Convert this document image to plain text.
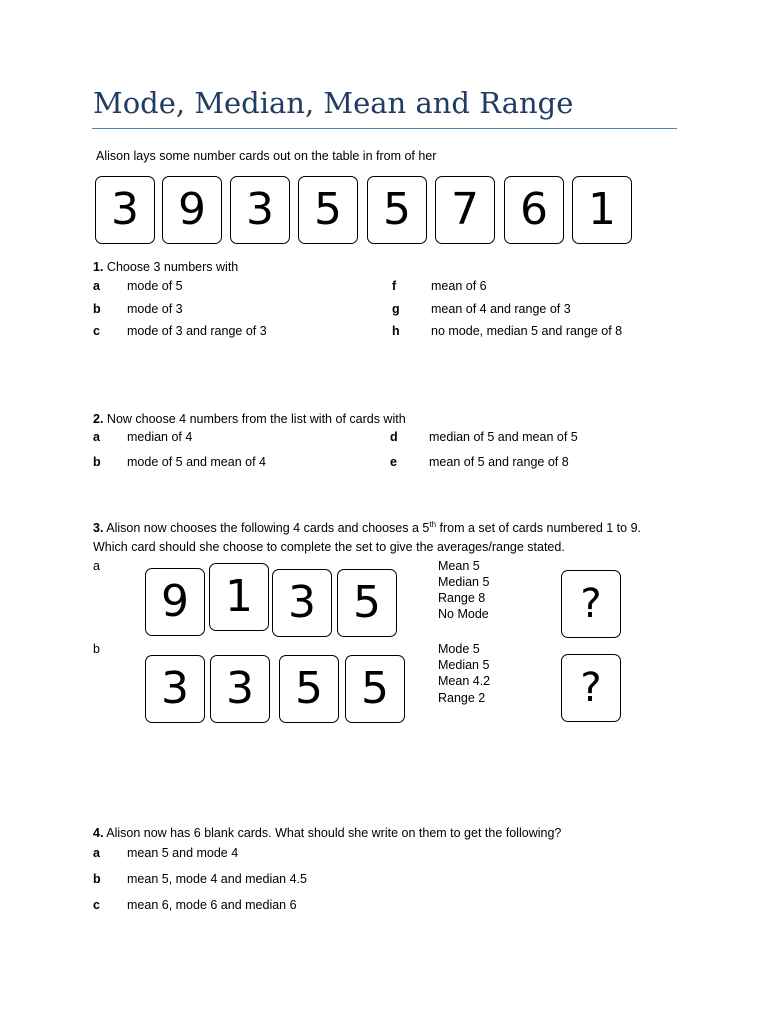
Mode, Median, Mean and Range
Alison lays some number cards out on the table in from of her
3 9 3 5 5 7 6 1
1. Choose 3 numbers with
a mode of 5
b mode of 3
c mode of 3 and range of 3
f	mean of 6
g	mean of 4 and range of 3
h	no mode, median 5 and range of 8
2. Now choose 4 numbers from the list with of cards with
a median of 4
b mode of 5 and mean of 4
d	median of 5 and mean of 5
e	mean of 5 and range of 8
3. Alison now chooses the following 4 cards and chooses a 5th from a set of cards numbered 1 to 9.
Which card should she choose to complete the set to give the averages/range stated.
a
9 1 3 5
Mean 5
Median 5
Range 8
No Mode	?
b
3 3 5 5
Mode 5
Median 5
Mean 4.2
Range 2	?
4. Alison now has 6 blank cards. What should she write on them to get the following?
a mean 5 and mode 4
b mean 5, mode 4 and median 4.5
c mean 6, mode 6 and median 6
